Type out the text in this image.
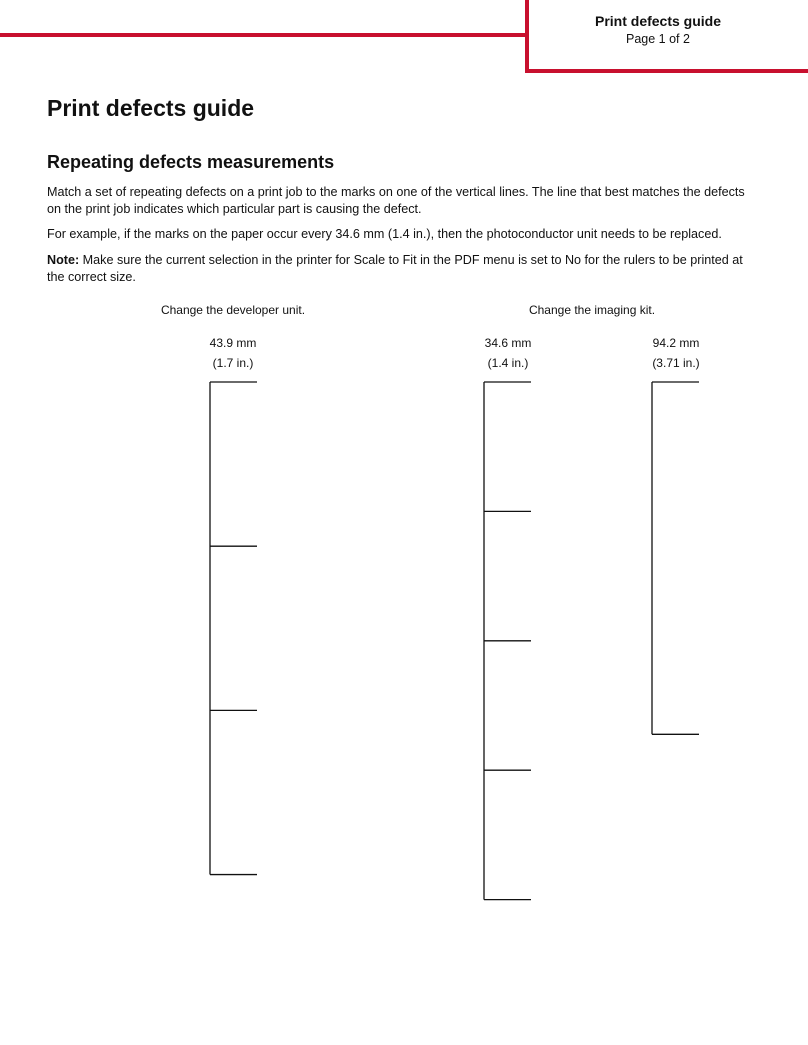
Print defects guide
Page 1 of 2
Print defects guide
Repeating defects measurements

Match a set of repeating defects on a print job to the marks on one of the vertical lines. The line that best matches the defects on the print job indicates which particular part is causing the defect.

For example, if the marks on the paper occur every 34.6 mm (1.4 in.), then the photoconductor unit needs to be replaced.

Note: Make sure the current selection in the printer for Scale to Fit in the PDF menu is set to No for the rulers to be printed at the correct size.

Change the developer unit.	Change the imaging kit.
43.9 mm
(1.7 in.)
34.6 mm
(1.4 in.)
94.2 mm
(3.71 in.)
